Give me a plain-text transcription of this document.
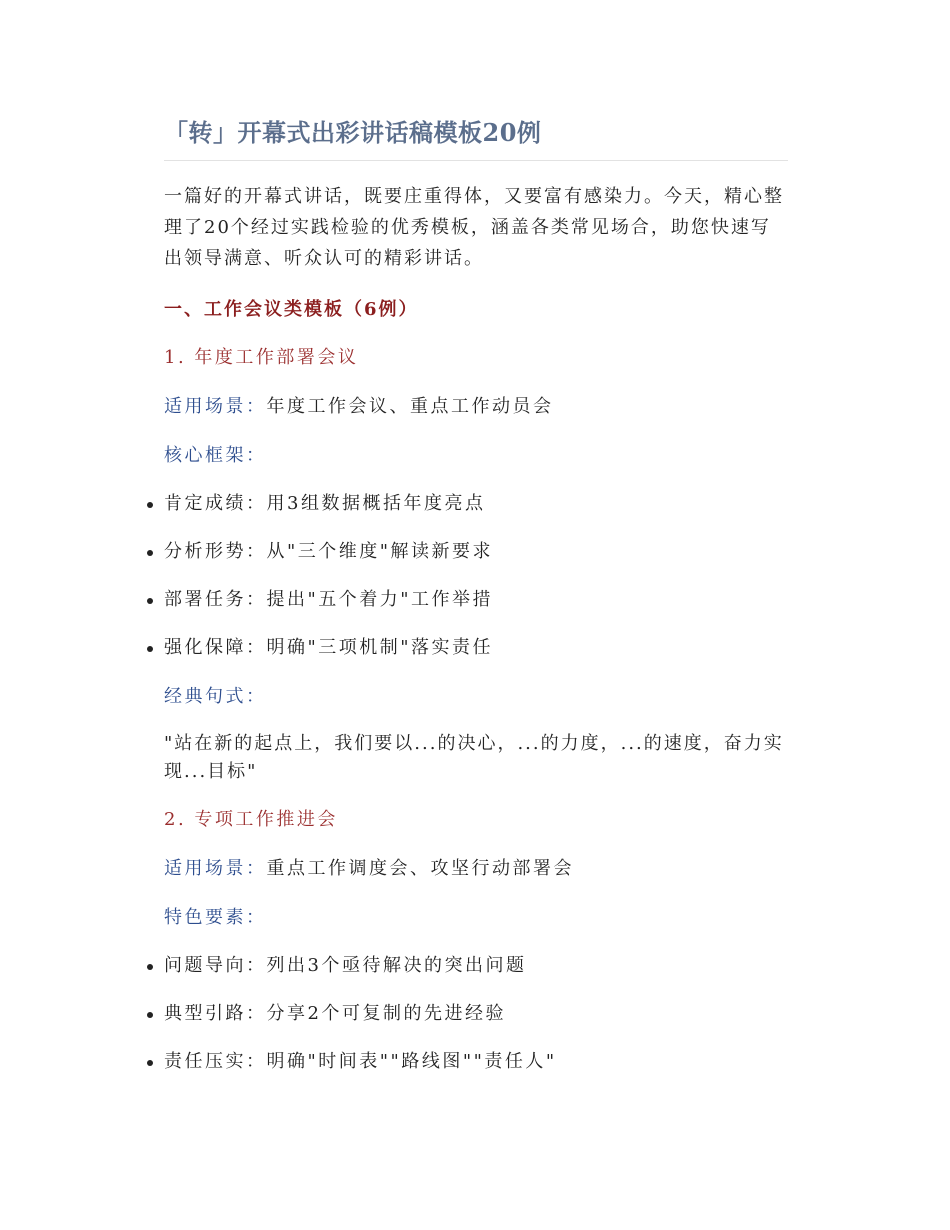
「转」开幕式出彩讲话稿模板20例

一篇好的开幕式讲话，既要庄重得体，又要富有感染力。今天，精心整理了20个经过实践检验的优秀模板，涵盖各类常见场合，助您快速写出领导满意、听众认可的精彩讲话。

一、工作会议类模板（6例）
1. 年度工作部署会议

适用场景：年度工作会议、重点工作动员会

核心框架：
肯定成绩：用3组数据概括年度亮点
分析形势：从"三个维度"解读新要求
部署任务：提出"五个着力"工作举措
强化保障：明确"三项机制"落实责任
经典句式：

"站在新的起点上，我们要以...的决心，...的力度，...的速度，奋力实现...目标"

2. 专项工作推进会

适用场景：重点工作调度会、攻坚行动部署会

特色要素：
问题导向：列出3个亟待解决的突出问题
典型引路：分享2个可复制的先进经验
责任压实：明确"时间表""路线图""责任人"
